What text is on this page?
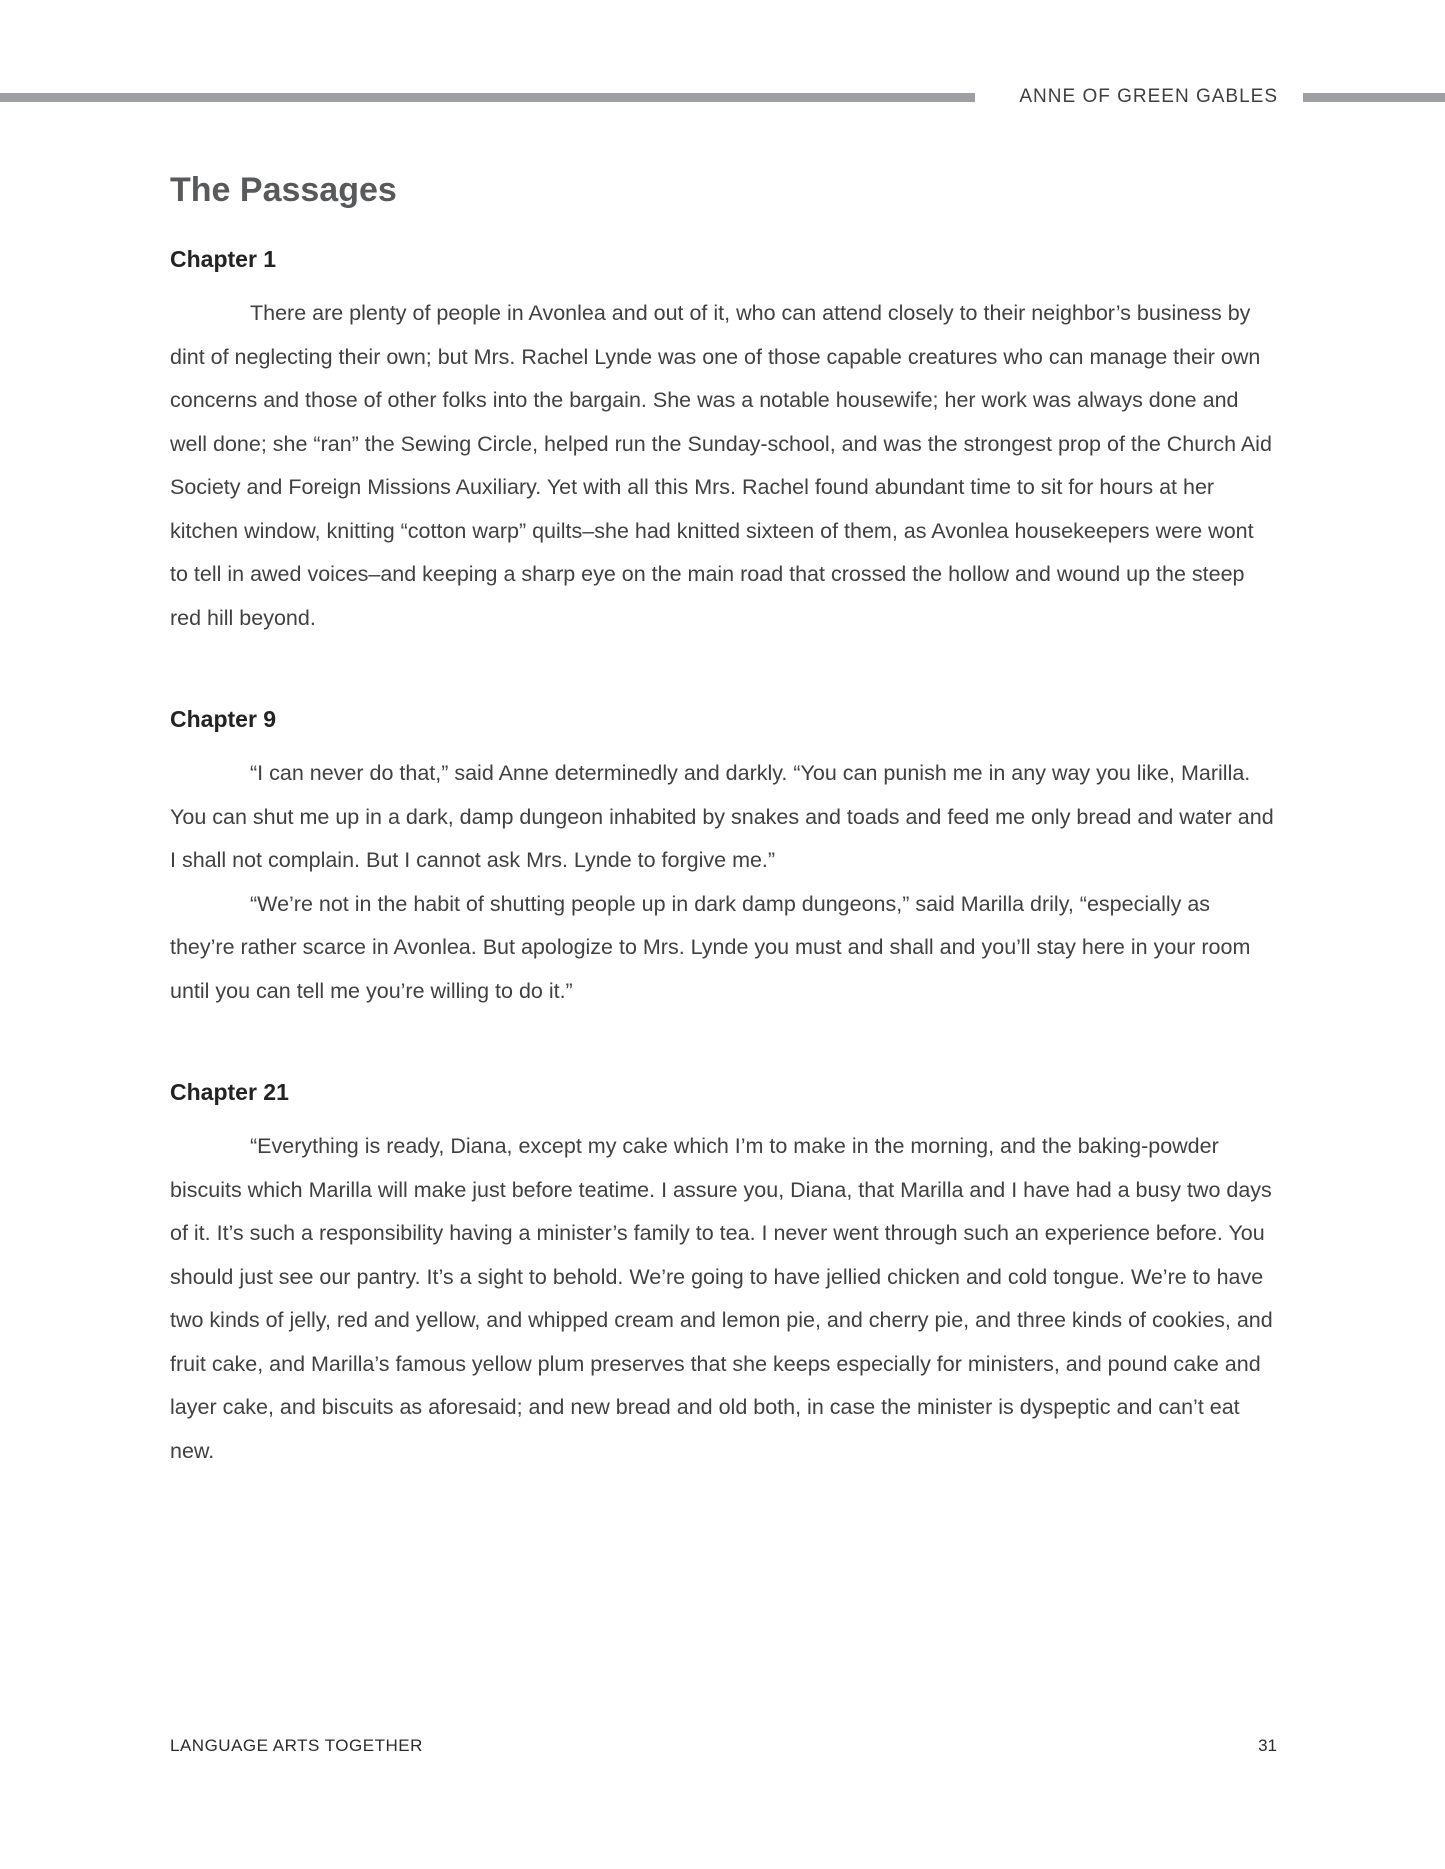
ANNE OF GREEN GABLES
The Passages
Chapter 1

There are plenty of people in Avonlea and out of it, who can attend closely to their neighbor’s business by dint of neglecting their own; but Mrs. Rachel Lynde was one of those capable creatures who can manage their own concerns and those of other folks into the bargain. She was a notable housewife; her work was always done and well done; she “ran” the Sewing Circle, helped run the Sunday-school, and was the strongest prop of the Church Aid Society and Foreign Missions Auxiliary. Yet with all this Mrs. Rachel found abundant time to sit for hours at her kitchen window, knitting “cotton warp” quilts–she had knitted sixteen of them, as Avonlea housekeepers were wont to tell in awed voices–and keeping a sharp eye on the main road that crossed the hollow and wound up the steep red hill beyond.

Chapter 9

“I can never do that,” said Anne determinedly and darkly. “You can punish me in any way you like, Marilla. You can shut me up in a dark, damp dungeon inhabited by snakes and toads and feed me only bread and water and I shall not complain. But I cannot ask Mrs. Lynde to forgive me.”

“We’re not in the habit of shutting people up in dark damp dungeons,” said Marilla drily, “especially as they’re rather scarce in Avonlea. But apologize to Mrs. Lynde you must and shall and you’ll stay here in your room until you can tell me you’re willing to do it.”

Chapter 21

“Everything is ready, Diana, except my cake which I’m to make in the morning, and the baking-powder biscuits which Marilla will make just before teatime. I assure you, Diana, that Marilla and I have had a busy two days of it. It’s such a responsibility having a minister’s family to tea. I never went through such an experience before. You should just see our pantry. It’s a sight to behold. We’re going to have jellied chicken and cold tongue. We’re to have two kinds of jelly, red and yellow, and whipped cream and lemon pie, and cherry pie, and three kinds of cookies, and fruit cake, and Marilla’s famous yellow plum preserves that she keeps especially for ministers, and pound cake and layer cake, and biscuits as aforesaid; and new bread and old both, in case the minister is dyspeptic and can’t eat new.

LANGUAGE ARTS TOGETHER	31
